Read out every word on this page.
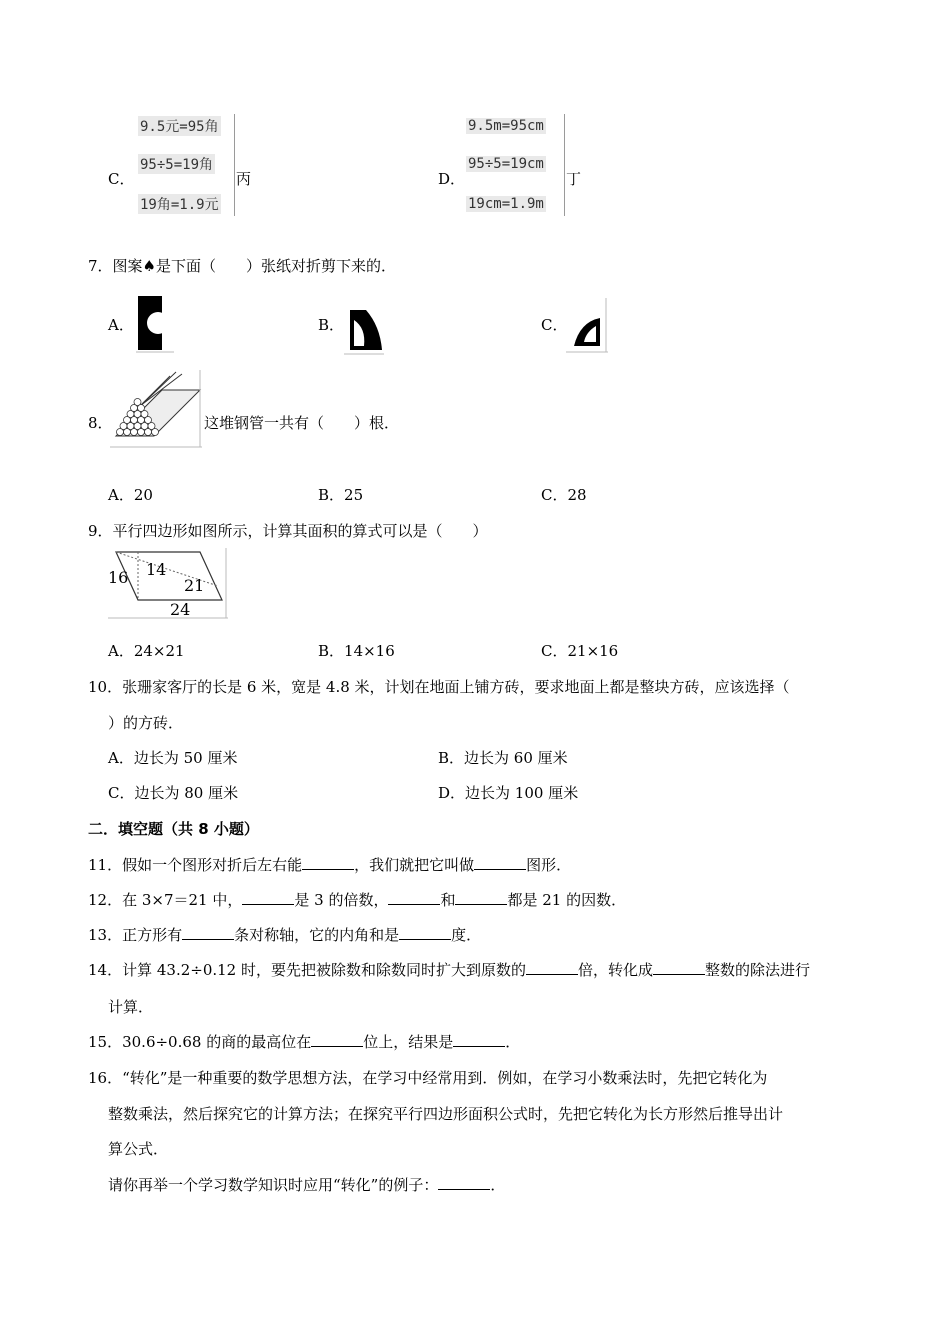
C．
9.5元=95角
95÷5=19角
19角=1.9元
丙	D．
9.5m=95cm
95÷5=19cm
19cm=1.9m
丁
7．图案♠是下面（　　）张纸对折剪下来的．
A．	B．	C．
8．	这堆钢管一共有（　　）根．
A．20	B．25	C．28
9．平行四边形如图所示，计算其面积的算式可以是（　　）
16 14
21
24
A．24×21	B．14×16	C．21×16
10．张珊家客厅的长是 6 米，宽是 4.8 米，计划在地面上铺方砖，要求地面上都是整块方砖，应该选择（
）的方砖．
A．边长为 50 厘米	B．边长为 60 厘米
C．边长为 80 厘米	D．边长为 100 厘米
二．填空题（共 8 小题）
11．假如一个图形对折后左右能	，我们就把它叫做	图形．
12．在 3×7＝21 中，	是 3 的倍数，	和	都是 21 的因数．
13．正方形有	条对称轴，它的内角和是	度．
14．计算 43.2÷0.12 时，要先把被除数和除数同时扩大到原数的	倍，转化成	整数的除法进行
计算．
15．30.6÷0.68 的商的最高位在	位上，结果是	．
16．“转化”是一种重要的数学思想方法，在学习中经常用到．例如，在学习小数乘法时，先把它转化为
整数乘法，然后探究它的计算方法；在探究平行四边形面积公式时，先把它转化为长方形然后推导出计
算公式．
请你再举一个学习数学知识时应用“转化”的例子：	．
